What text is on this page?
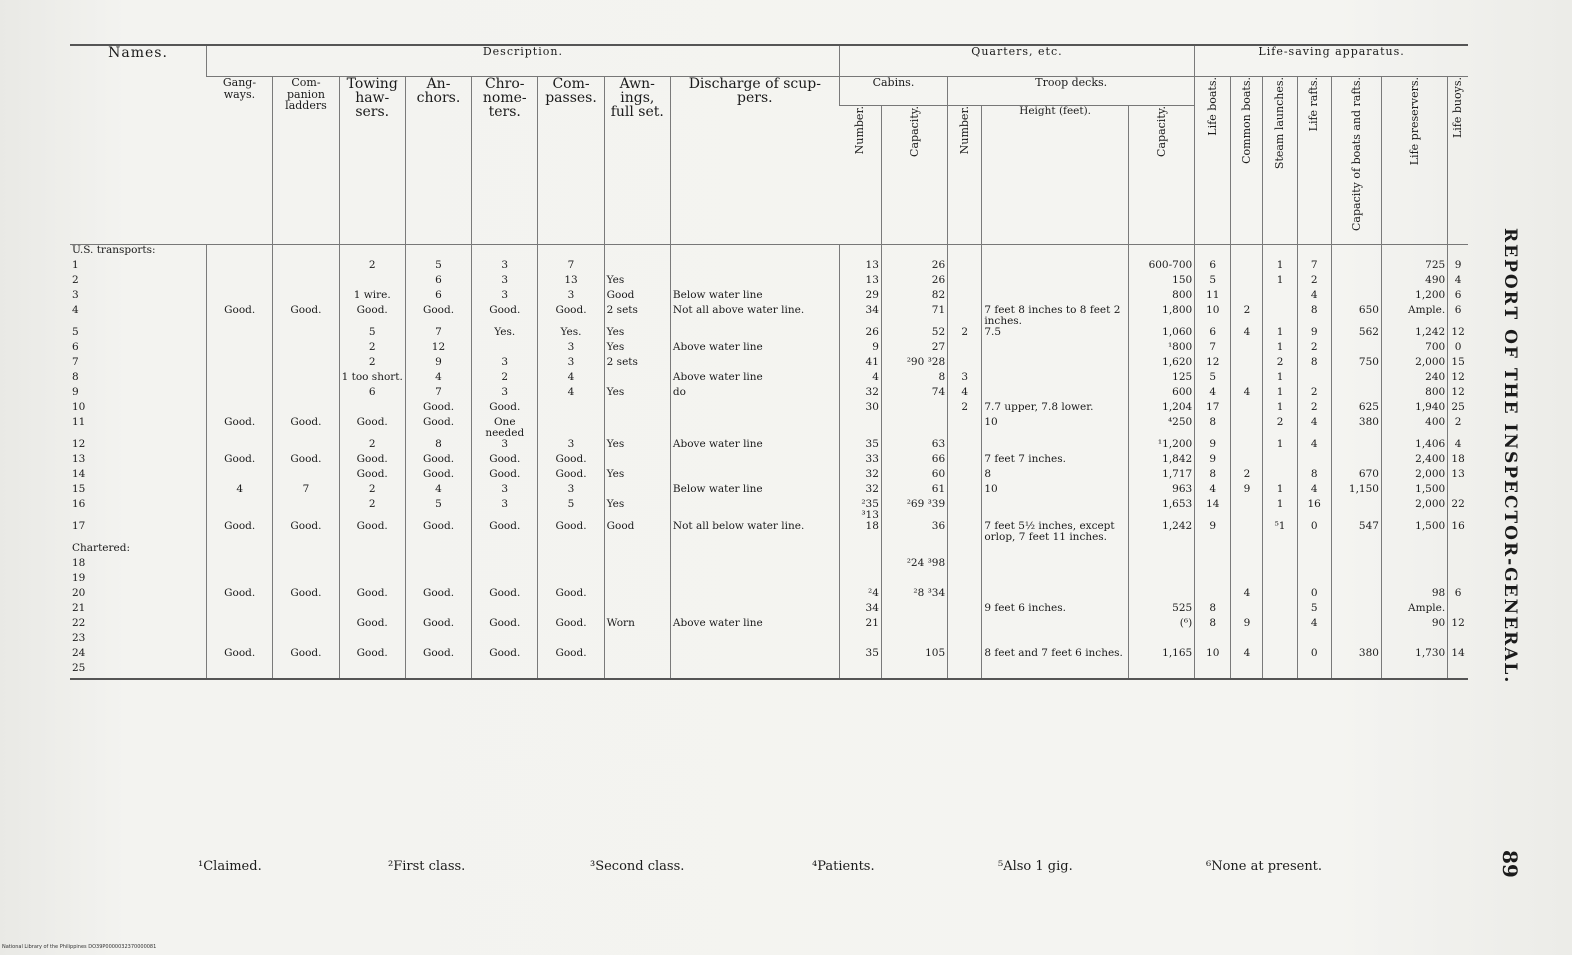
Names.	Description.								Quarters, etc.					Life-saving apparatus.						
	Gang-ways.	Com-panion ladders	Towing haw-sers.	An-chors.	Chro-nome-ters.	Com-passes.	Awn-ings, full set.	Discharge of scup-pers.	Cabins.		Troop decks.			Life boats.	Common boats.	Steam launches.	Life rafts.	Capacity of boats and rafts.	Life preservers.	Life buoys.
									Number.	Capacity.	Number.	Height (feet).	Capacity.							
U.S. transports:																				
1			2	5	3	7			13	26			600-700	6		1	7		725	9
2				6	3	13	Yes		13	26			150	5		1	2		490	4
3			1 wire.	6	3	3	Good	Below water line	29	82			800	11			4		1,200	6
4	Good.	Good.	Good.	Good.	Good.	Good.	2 sets	Not all above water line.	34	71		7 feet 8 inches to 8 feet 2 inches.	1,800	10	2		8	650	Ample.	6
5			5	7	Yes.	Yes.	Yes		26	52	2	7.5	1,060	6	4	1	9	562	1,242	12
6			2	12		3	Yes	Above water line	9	27			¹800	7		1	2		700	0
7			2	9	3	3	2 sets		41	²90 ³28			1,620	12		2	8	750	2,000	15
8			1 too short.	4	2	4		Above water line	4	8	3		125	5		1			240	12
9			6	7	3	4	Yes	do	32	74	4		600	4	4	1	2		800	12
10				Good.	Good.				30		2	7.7 upper, 7.8 lower.	1,204	17		1	2	625	1,940	25
11	Good.	Good.	Good.	Good.	One needed							10	⁴250	8		2	4	380	400	2
12			2	8	3	3	Yes	Above water line	35	63			¹1,200	9		1	4		1,406	4
13	Good.	Good.	Good.	Good.	Good.	Good.			33	66		7 feet 7 inches.	1,842	9					2,400	18
14			Good.	Good.	Good.	Good.	Yes		32	60		8	1,717	8	2		8	670	2,000	13
15	4	7	2	4	3	3		Below water line	32	61		10	963	4	9	1	4	1,150	1,500	
16			2	5	3	5	Yes		²35 ³13	²69 ³39			1,653	14		1	16		2,000	22
17	Good.	Good.	Good.	Good.	Good.	Good.	Good	Not all below water line.	18	36		7 feet 5½ inches, except orlop, 7 feet 11 inches.	1,242	9		⁵1	0	547	1,500	16
Chartered:																				
18										²24 ³98										
19																				
20	Good.	Good.	Good.	Good.	Good.	Good.			²4	²8 ³34					4		0		98	6
21									34			9 feet 6 inches.	525	8			5		Ample.	
22			Good.	Good.	Good.	Good.	Worn	Above water line	21				(⁶)	8	9		4		90	12
23																				
24	Good.	Good.	Good.	Good.	Good.	Good.			35	105		8 feet and 7 feet 6 inches.	1,165	10	4		0	380	1,730	14
25																				
¹Claimed.	²First class.	³Second class.	⁴Patients.	⁵Also 1 gig.	⁶None at present.
REPORT OF THE INSPECTOR-GENERAL.
89
National Library of the Philippines DO39P0000032370000081
